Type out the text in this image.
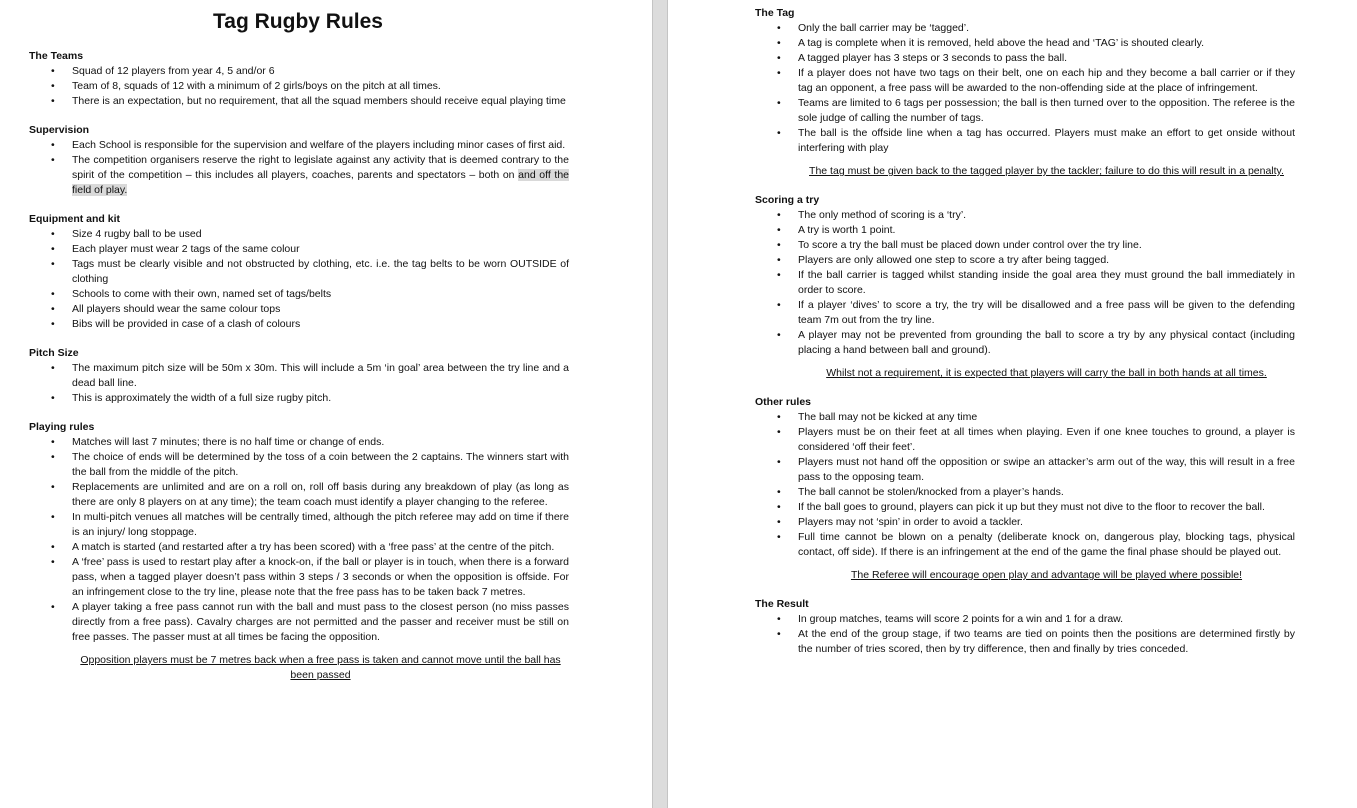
Tag Rugby Rules

The Teams

• Squad of 12 players from year 4, 5 and/or 6
• Team of 8, squads of 12 with a minimum of 2 girls/boys on the pitch at all times.
• There is an expectation, but no requirement, that all the squad members should receive equal playing time

Supervision

• Each School is responsible for the supervision and welfare of the players including minor cases of first aid.
• The competition organisers reserve the right to legislate against any activity that is deemed contrary to the spirit of the competition – this includes all players, coaches, parents and spectators – both on and off the field of play.

Equipment and kit

• Size 4 rugby ball to be used
• Each player must wear 2 tags of the same colour
• Tags must be clearly visible and not obstructed by clothing, etc. i.e. the tag belts to be worn OUTSIDE of clothing
• Schools to come with their own, named set of tags/belts
• All players should wear the same colour tops
• Bibs will be provided in case of a clash of colours

Pitch Size

• The maximum pitch size will be 50m x 30m. This will include a 5m ‘in goal’ area between the try line and a dead ball line.
• This is approximately the width of a full size rugby pitch.

Playing rules

• Matches will last 7 minutes; there is no half time or change of ends.
• The choice of ends will be determined by the toss of a coin between the 2 captains. The winners start with the ball from the middle of the pitch.
• Replacements are unlimited and are on a roll on, roll off basis during any breakdown of play (as long as there are only 8 players on at any time); the team coach must identify a player changing to the referee.
• In multi-pitch venues all matches will be centrally timed, although the pitch referee may add on time if there is an injury/ long stoppage.
• A match is started (and restarted after a try has been scored) with a ‘free pass’ at the centre of the pitch.
• A ‘free’ pass is used to restart play after a knock-on, if the ball or player is in touch, when there is a forward pass, when a tagged player doesn’t pass within 3 steps / 3 seconds or when the opposition is offside. For an infringement close to the try line, please note that the free pass has to be taken back 7 metres.
• A player taking a free pass cannot run with the ball and must pass to the closest person (no miss passes directly from a free pass). Cavalry charges are not permitted and the passer and receiver must be still on free passes. The passer must at all times be facing the opposition.

Opposition players must be 7 metres back when a free pass is taken and cannot move until the ball has been passed

The Tag

• Only the ball carrier may be ‘tagged’.
• A tag is complete when it is removed, held above the head and ‘TAG’ is shouted clearly.
• A tagged player has 3 steps or 3 seconds to pass the ball.
• If a player does not have two tags on their belt, one on each hip and they become a ball carrier or if they tag an opponent, a free pass will be awarded to the non-offending side at the place of infringement.
• Teams are limited to 6 tags per possession; the ball is then turned over to the opposition. The referee is the sole judge of calling the number of tags.
• The ball is the offside line when a tag has occurred. Players must make an effort to get onside without interfering with play

The tag must be given back to the tagged player by the tackler; failure to do this will result in a penalty.

Scoring a try

• The only method of scoring is a ‘try’.
• A try is worth 1 point.
• To score a try the ball must be placed down under control over the try line.
• Players are only allowed one step to score a try after being tagged.
• If the ball carrier is tagged whilst standing inside the goal area they must ground the ball immediately in order to score.
• If a player ‘dives’ to score a try, the try will be disallowed and a free pass will be given to the defending team 7m out from the try line.
• A player may not be prevented from grounding the ball to score a try by any physical contact (including placing a hand between ball and ground).

Whilst not a requirement, it is expected that players will carry the ball in both hands at all times.

Other rules

• The ball may not be kicked at any time
• Players must be on their feet at all times when playing. Even if one knee touches to ground, a player is considered ‘off their feet’.
• Players must not hand off the opposition or swipe an attacker’s arm out of the way, this will result in a free pass to the opposing team.
• The ball cannot be stolen/knocked from a player’s hands.
• If the ball goes to ground, players can pick it up but they must not dive to the floor to recover the ball.
• Players may not ‘spin’ in order to avoid a tackler.
• Full time cannot be blown on a penalty (deliberate knock on, dangerous play, blocking tags, physical contact, off side). If there is an infringement at the end of the game the final phase should be played out.

The Referee will encourage open play and advantage will be played where possible!

The Result

• In group matches, teams will score 2 points for a win and 1 for a draw.
• At the end of the group stage, if two teams are tied on points then the positions are determined firstly by the number of tries scored, then by try difference, then and finally by tries conceded.
